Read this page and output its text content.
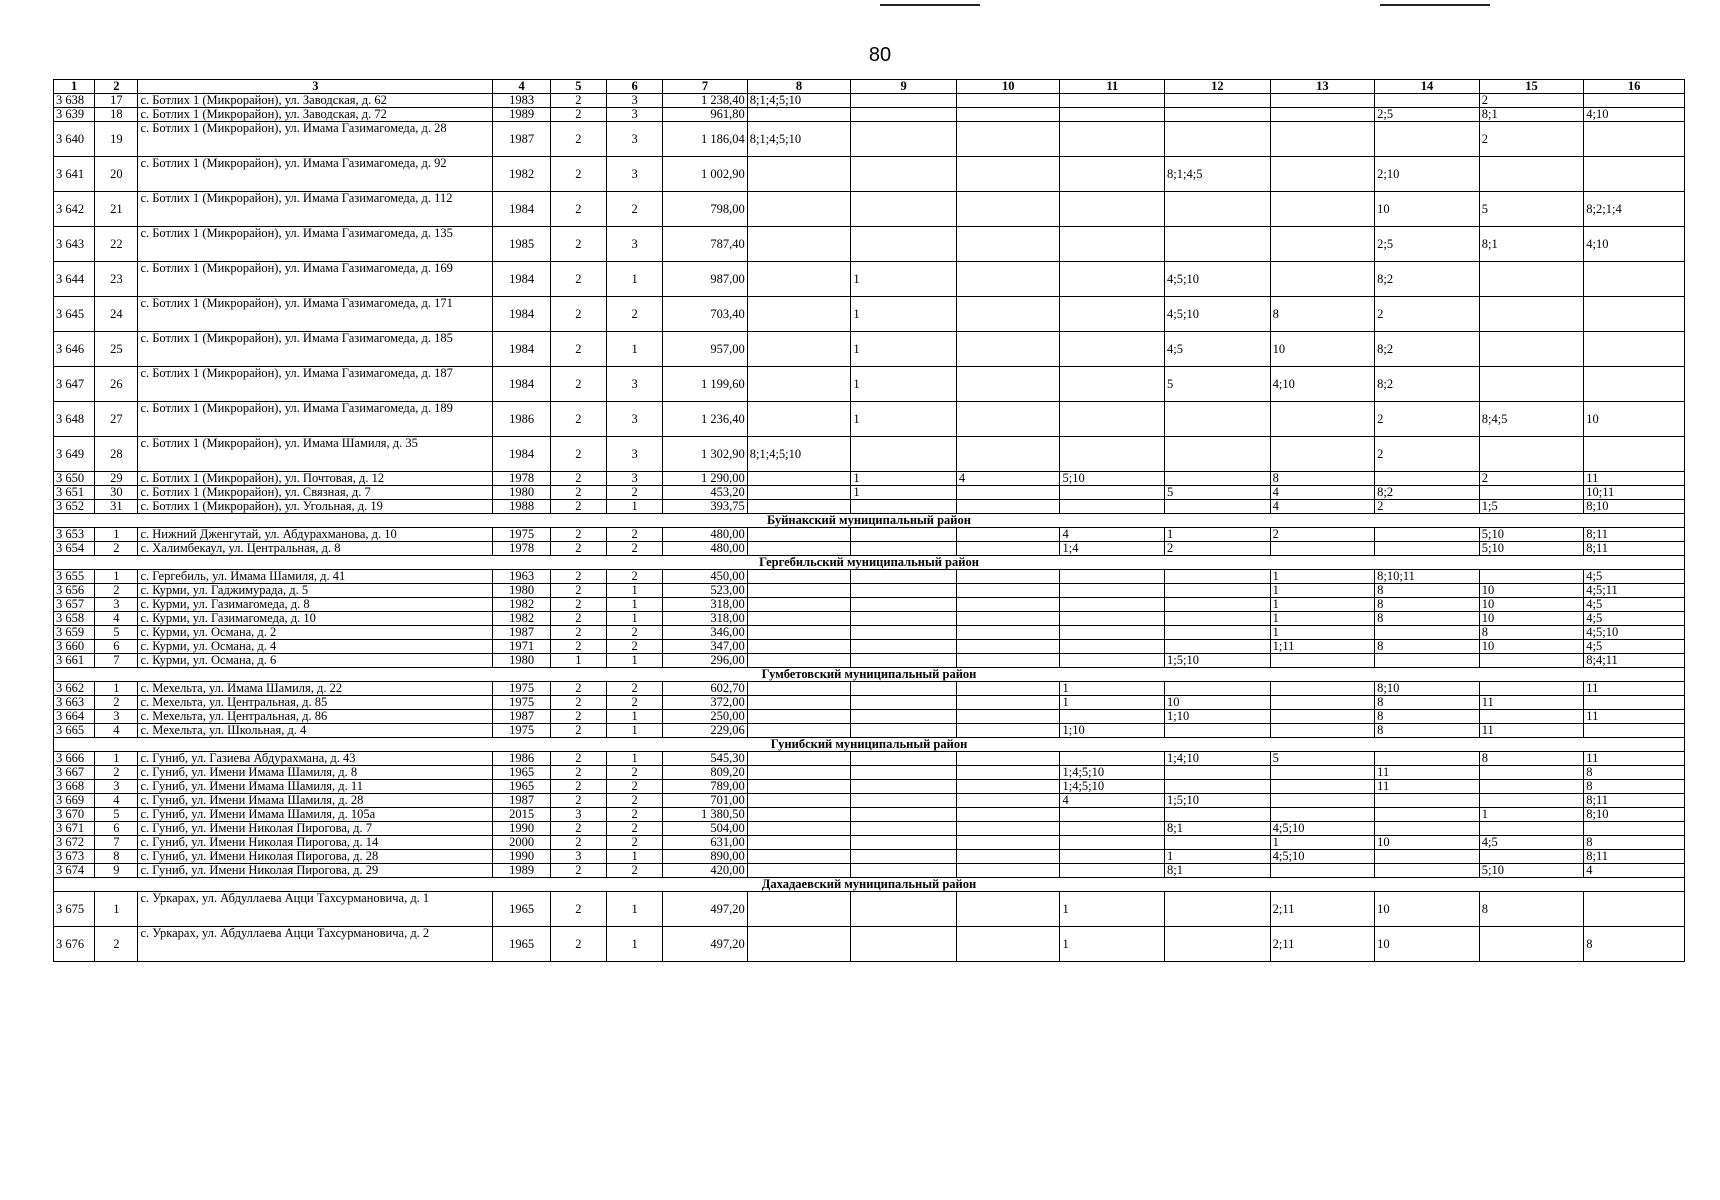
80
1	2	3	4	5	6	7	8	9	10	11	12	13	14	15	16
3 638	17	с. Ботлих 1 (Микрорайон), ул. Заводская, д. 62	1983	2	3	1 238,40	8;1;4;5;10							2	
3 639	18	с. Ботлих 1 (Микрорайон), ул. Заводская, д. 72	1989	2	3	961,80							2;5	8;1	4;10
3 640	19	с. Ботлих 1 (Микрорайон), ул. Имама Газимагомеда, д. 28	1987	2	3	1 186,04	8;1;4;5;10							2	
3 641	20	с. Ботлих 1 (Микрорайон), ул. Имама Газимагомеда, д. 92	1982	2	3	1 002,90					8;1;4;5		2;10		
3 642	21	с. Ботлих 1 (Микрорайон), ул. Имама Газимагомеда, д. 112	1984	2	2	798,00							10	5	8;2;1;4
3 643	22	с. Ботлих 1 (Микрорайон), ул. Имама Газимагомеда, д. 135	1985	2	3	787,40							2;5	8;1	4;10
3 644	23	с. Ботлих 1 (Микрорайон), ул. Имама Газимагомеда, д. 169	1984	2	1	987,00		1			4;5;10		8;2		
3 645	24	с. Ботлих 1 (Микрорайон), ул. Имама Газимагомеда, д. 171	1984	2	2	703,40		1			4;5;10	8	2		
3 646	25	с. Ботлих 1 (Микрорайон), ул. Имама Газимагомеда, д. 185	1984	2	1	957,00		1			4;5	10	8;2		
3 647	26	с. Ботлих 1 (Микрорайон), ул. Имама Газимагомеда, д. 187	1984	2	3	1 199,60		1			5	4;10	8;2		
3 648	27	с. Ботлих 1 (Микрорайон), ул. Имама Газимагомеда, д. 189	1986	2	3	1 236,40		1					2	8;4;5	10
3 649	28	с. Ботлих 1 (Микрорайон), ул. Имама Шамиля, д. 35	1984	2	3	1 302,90	8;1;4;5;10						2		
3 650	29	с. Ботлих 1 (Микрорайон), ул. Почтовая, д. 12	1978	2	3	1 290,00		1	4	5;10		8		2	11
3 651	30	с. Ботлих 1 (Микрорайон), ул. Связная, д. 7	1980	2	2	453,20		1			5	4	8;2		10;11
3 652	31	с. Ботлих 1 (Микрорайон), ул. Угольная, д. 19	1988	2	1	393,75						4	2	1;5	8;10
Буйнакский муниципальный район															
3 653	1	с. Нижний Дженгутай, ул. Абдурахманова, д. 10	1975	2	2	480,00				4	1	2		5;10	8;11
3 654	2	с. Халимбекаул, ул. Центральная, д. 8	1978	2	2	480,00				1;4	2			5;10	8;11
Гергебильский муниципальный район															
3 655	1	с. Гергебиль, ул. Имама Шамиля, д. 41	1963	2	2	450,00						1	8;10;11		4;5
3 656	2	с. Курми, ул. Гаджимурада, д. 5	1980	2	1	523,00						1	8	10	4;5;11
3 657	3	с. Курми, ул. Газимагомеда, д. 8	1982	2	1	318,00						1	8	10	4;5
3 658	4	с. Курми, ул. Газимагомеда, д. 10	1982	2	1	318,00						1	8	10	4;5
3 659	5	с. Курми, ул. Османа, д. 2	1987	2	2	346,00						1		8	4;5;10
3 660	6	с. Курми, ул. Османа, д. 4	1971	2	2	347,00						1;11	8	10	4;5
3 661	7	с. Курми, ул. Османа, д. 6	1980	1	1	296,00					1;5;10				8;4;11
Гумбетовский муниципальный район															
3 662	1	с. Мехельта, ул. Имама Шамиля, д. 22	1975	2	2	602,70				1			8;10		11
3 663	2	с. Мехельта, ул. Центральная, д. 85	1975	2	2	372,00				1	10		8	11	
3 664	3	с. Мехельта, ул. Центральная, д. 86	1987	2	1	250,00					1;10		8		11
3 665	4	с. Мехельта, ул. Школьная, д. 4	1975	2	1	229,06				1;10			8	11	
Гунибский муниципальный район															
3 666	1	с. Гуниб, ул. Газиева Абдурахмана, д. 43	1986	2	1	545,30					1;4;10	5		8	11
3 667	2	с. Гуниб, ул. Имени Имама Шамиля, д. 8	1965	2	2	809,20				1;4;5;10			11		8
3 668	3	с. Гуниб, ул. Имени Имама Шамиля, д. 11	1965	2	2	789,00				1;4;5;10			11		8
3 669	4	с. Гуниб, ул. Имени Имама Шамиля, д. 28	1987	2	2	701,00				4	1;5;10				8;11
3 670	5	с. Гуниб, ул. Имени Имама Шамиля, д. 105а	2015	3	2	1 380,50								1	8;10
3 671	6	с. Гуниб, ул. Имени Николая Пирогова, д. 7	1990	2	2	504,00					8;1	4;5;10			
3 672	7	с. Гуниб, ул. Имени Николая Пирогова, д. 14	2000	2	2	631,00						1	10	4;5	8
3 673	8	с. Гуниб, ул. Имени Николая Пирогова, д. 28	1990	3	1	890,00					1	4;5;10			8;11
3 674	9	с. Гуниб, ул. Имени Николая Пирогова, д. 29	1989	2	2	420,00					8;1			5;10	4
Дахадаевский муниципальный район															
3 675	1	с. Уркарах, ул. Абдуллаева Ацци Тахсурмановича, д. 1	1965	2	1	497,20				1		2;11	10	8	
3 676	2	с. Уркарах, ул. Абдуллаева Ацци Тахсурмановича, д. 2	1965	2	1	497,20				1		2;11	10		8
